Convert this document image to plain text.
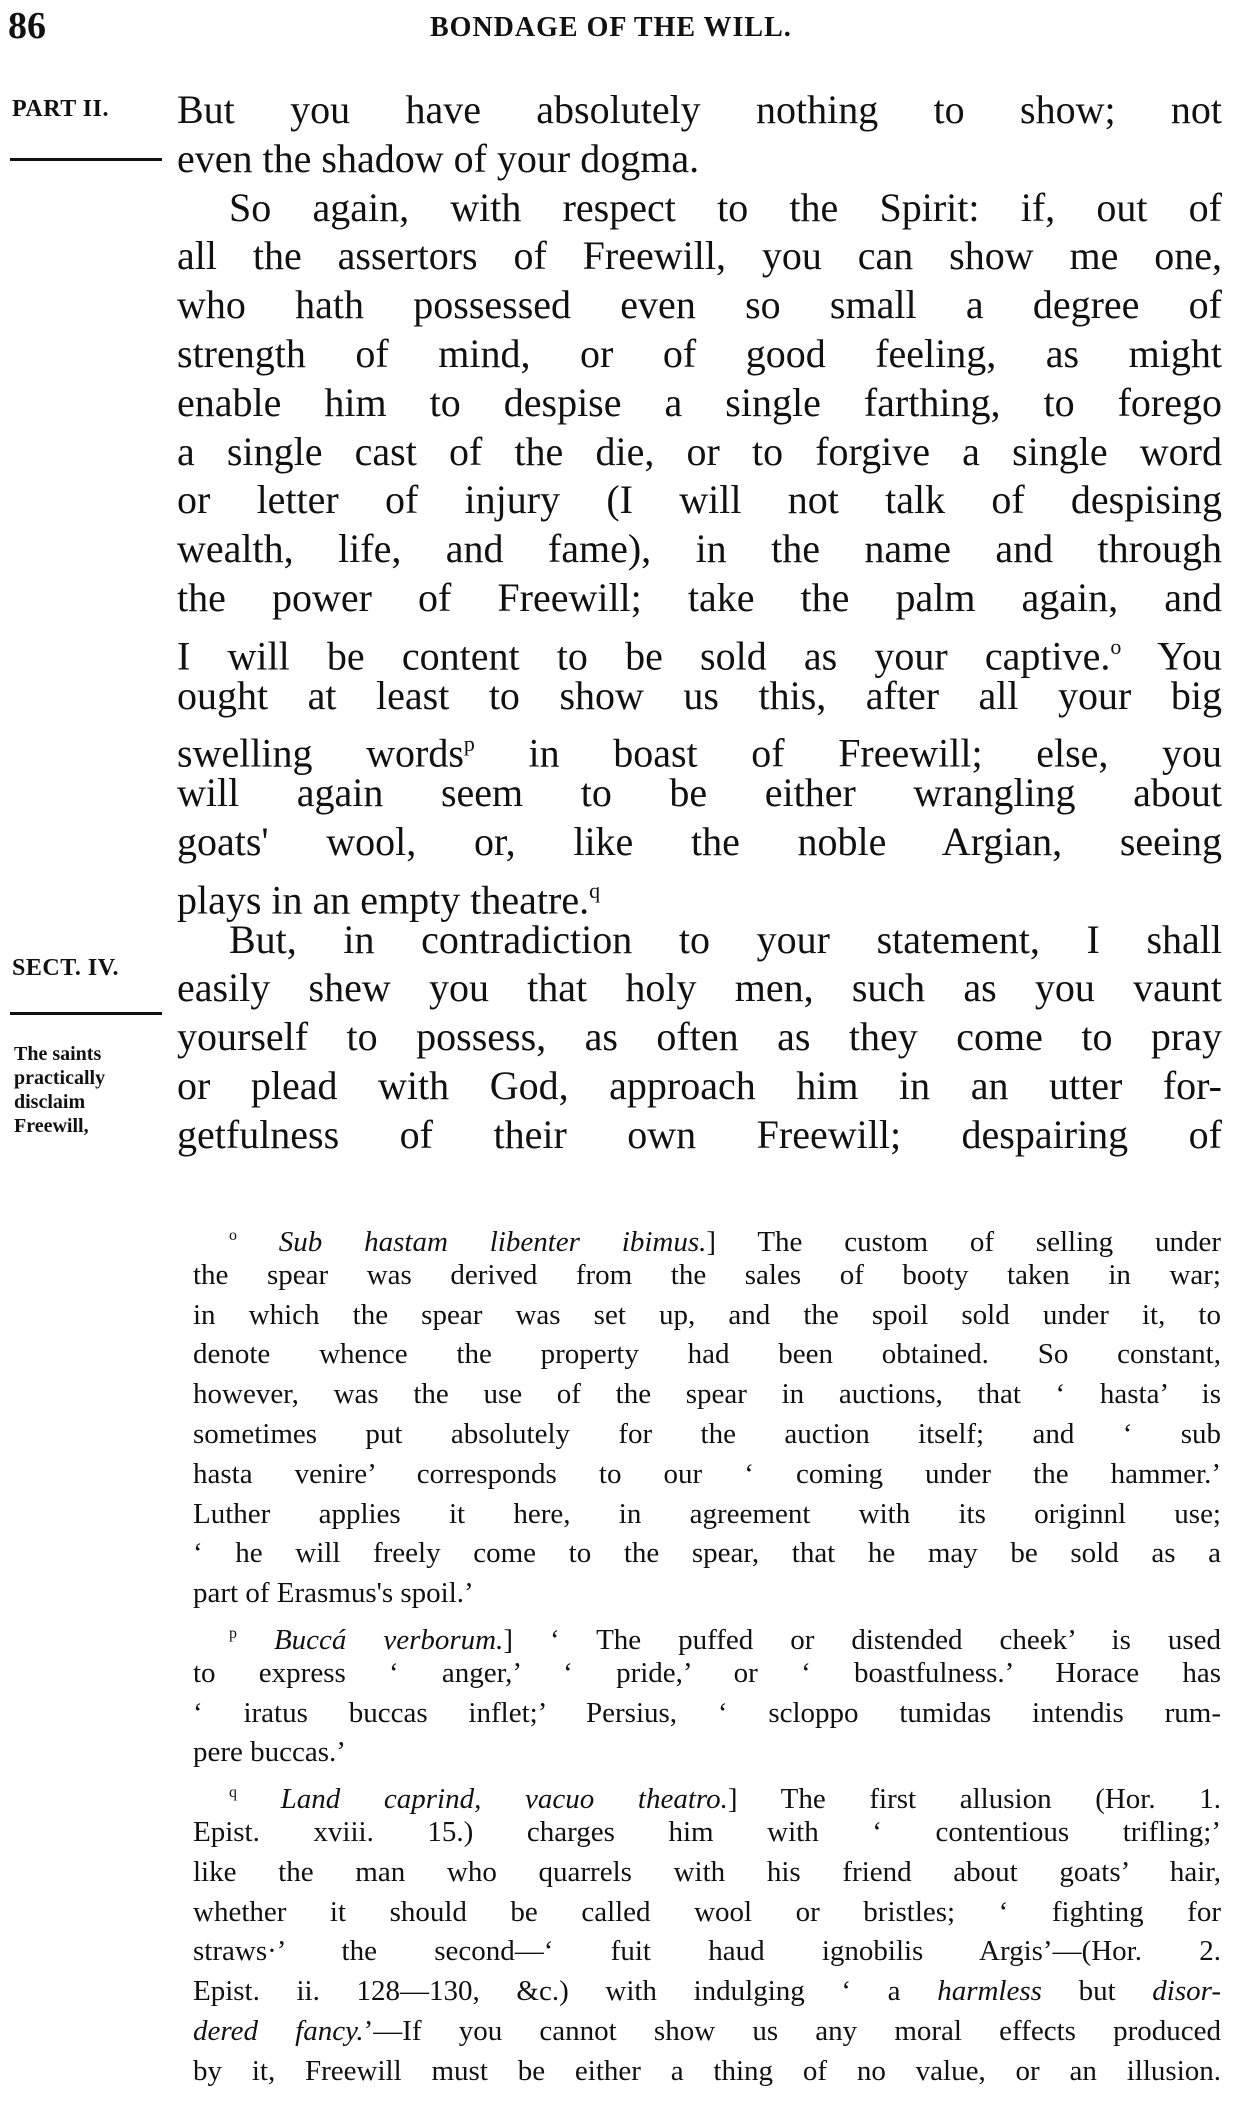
86	BONDAGE OF THE WILL.
PART II.
SECT. IV.
The saints
practically
disclaim
Freewill,
But you have absolutely nothing to show; not
even the shadow of your dogma.
So again, with respect to the Spirit: if, out of
all the assertors of Freewill, you can show me one,
who hath possessed even so small a degree of
strength of mind, or of good feeling, as might
enable him to despise a single farthing, to forego
a single cast of the die, or to forgive a single word
or letter of injury (I will not talk of despising
wealth, life, and fame), in the name and through
the power of Freewill; take the palm again, and
I will be content to be sold as your captive.$^o$ You
ought at least to show us this, after all your big
swelling words$^p$ in boast of Freewill; else, you
will again seem to be either wrangling about
goats' wool, or, like the noble Argian, seeing
plays in an empty theatre.$^q$
But, in contradiction to your statement, I shall
easily shew you that holy men, such as you vaunt
yourself to possess, as often as they come to pray
or plead with God, approach him in an utter for-
getfulness of their own Freewill; despairing of
$^o$ Sub hastam libenter ibimus.] The custom of selling under
the spear was derived from the sales of booty taken in war;
in which the spear was set up, and the spoil sold under it, to
denote whence the property had been obtained. So constant,
however, was the use of the spear in auctions, that ‘ hasta’ is
sometimes put absolutely for the auction itself; and ‘ sub
hasta venire’ corresponds to our ‘ coming under the hammer.’
Luther applies it here, in agreement with its originnl use;
‘ he will freely come to the spear, that he may be sold as a
part of Erasmus's spoil.’
$^p$ Buccá verborum.] ‘ The puffed or distended cheek’ is used
to express ‘ anger,’ ‘ pride,’ or ‘ boastfulness.’ Horace has
‘ iratus buccas inflet;’ Persius, ‘ scloppo tumidas intendis rum-
pere buccas.’
$^q$ Land caprind, vacuo theatro.] The first allusion (Hor. 1.
Epist. xviii. 15.) charges him with ‘ contentious trifling;’
like the man who quarrels with his friend about goats’ hair,
whether it should be called wool or bristles; ‘ fighting for
straws·’ the second—‘ fuit haud ignobilis Argis’—(Hor. 2.
Epist. ii. 128—130, &c.) with indulging ‘ a harmless but disor-
dered fancy.’—If you cannot show us any moral effects produced
by it, Freewill must be either a thing of no value, or an illusion.
